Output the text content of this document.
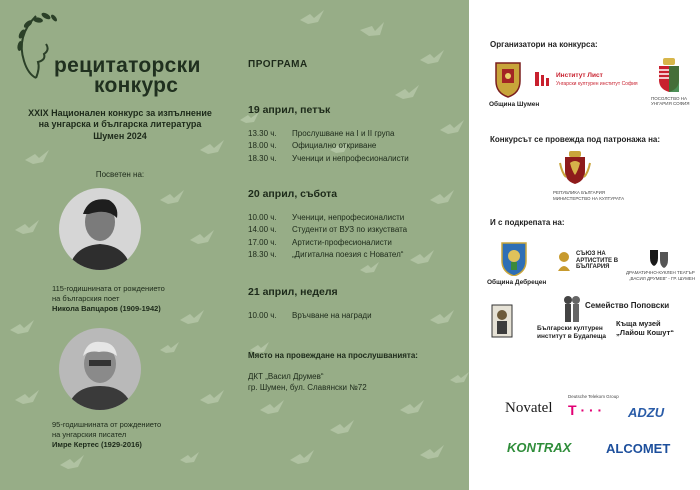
рецитаторски
конкурс
XXIX Национален конкурс за изпълнение
на унгарска и българска литература
Шумен 2024
Посветен на:
115-годишнината от рождението
на българския поет
Никола Вапцаров (1909-1942)
95-годишнината от рождението
на унгарския писател
Имре Кертес (1929-2016)
ПРОГРАМА
19 април, петък
13.30 ч.	Прослушване на I и II група
18.00 ч.	Официално откриване
18.30 ч.	Ученици и непрофесионалисти
20 април, събота
10.00 ч.	Ученици, непрофесионалисти
14.00 ч.	Студенти от ВУЗ по изкуствата
17.00 ч.	Артисти-професионалисти
18.30 ч.	„Дигитална поезия с Новател“
21 април, неделя
10.00 ч.	Връчване на награди
Място на провеждане на прослушванията:
ДКТ „Васил Друмев“
гр. Шумен, бул. Славянски №72
Организатори на конкурса:
Община Шумен
Институт Лист
Унгарски културен институт София
ПОСОЛСТВО НА УНГАРИЯ СОФИЯ
Конкурсът се провежда под патронажа на:
РЕПУБЛИКА БЪЛГАРИЯ
МИНИСТЕРСТВО НА КУЛТУРАТА
И с подкрепата на:
Община Дебрецен
СЪЮЗ НА
АРТИСТИТЕ В
БЪЛГАРИЯ
ДРАМАТИЧНО-КУКЛЕН ТЕАТЪР
„ВАСИЛ ДРУМЕВ“ - ГР. ШУМЕН
Български културен
институт в Будапеща
Семейство Поповски
Къща музей
„Лайош Кошут“
Novatel
Deutsche Telekom Group
T · · · ADZU
KONTRAX	ALCOMET
